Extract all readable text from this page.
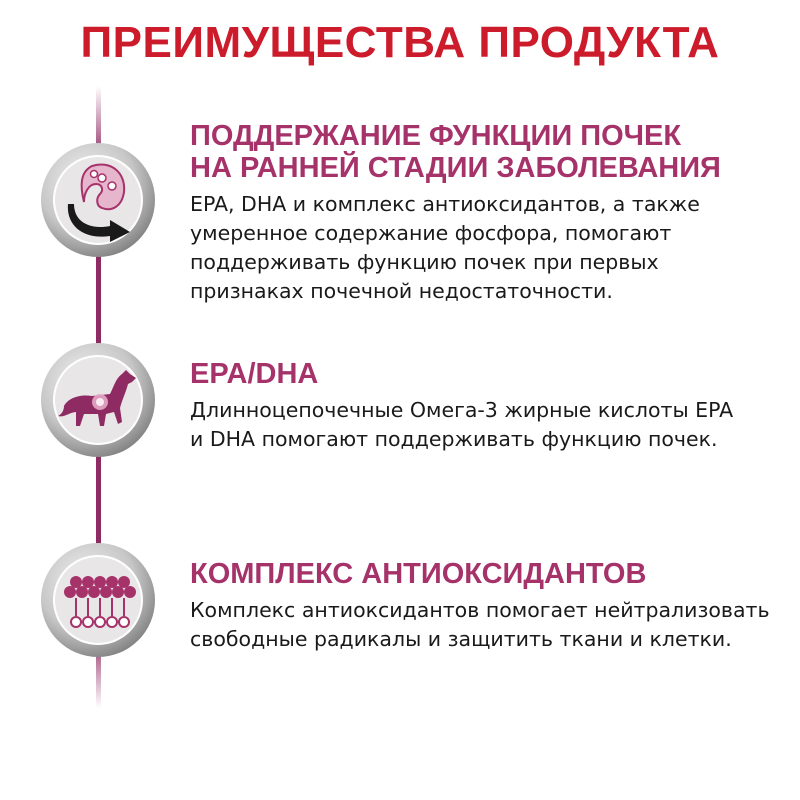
ПРЕИМУЩЕСТВА ПРОДУКТА

ПОДДЕРЖАНИЕ ФУНКЦИИ ПОЧЕК
НА РАННЕЙ СТАДИИ ЗАБОЛЕВАНИЯ

EPA, DHA и комплекс антиоксидантов, а также
умеренное содержание фосфора, помогают
поддерживать функцию почек при первых
признаках почечной недостаточности.

EPA/DHA

Длинноцепочечные Омега-3 жирные кислоты EPA
и DHA помогают поддерживать функцию почек.

КОМПЛЕКС АНТИОКСИДАНТОВ

Комплекс антиоксидантов помогает нейтрализовать
свободные радикалы и защитить ткани и клетки.
